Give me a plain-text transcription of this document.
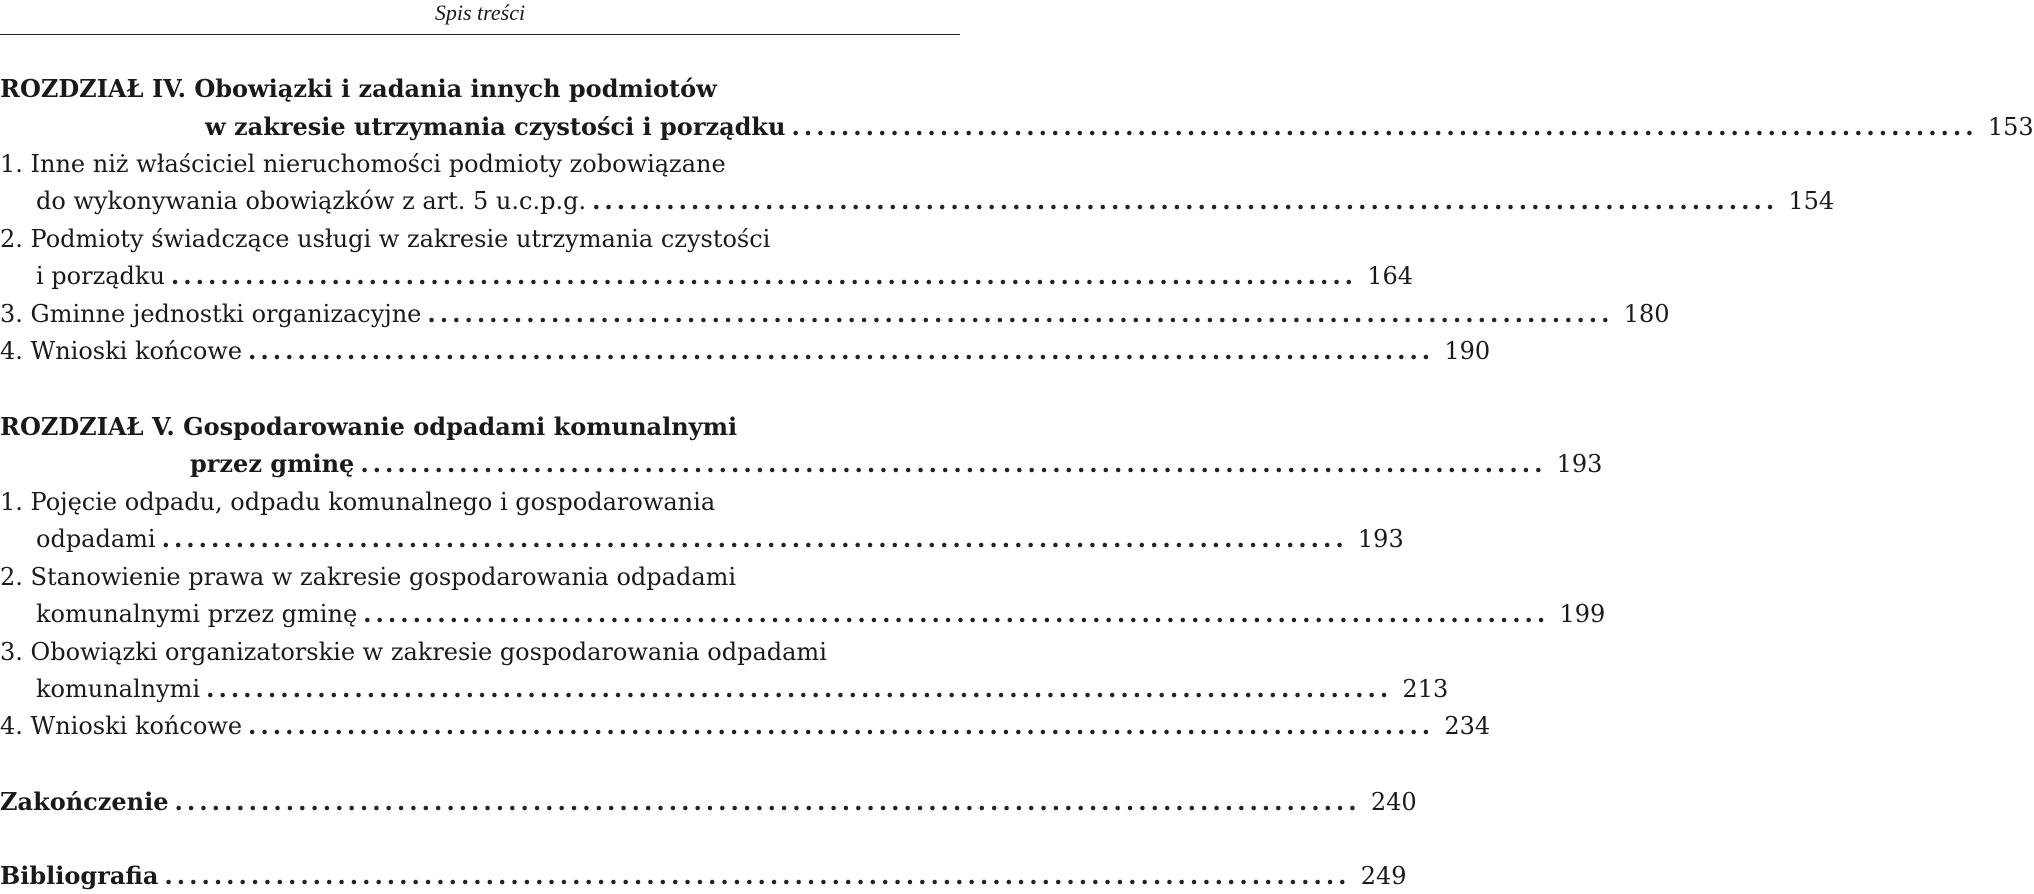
Spis treści
ROZDZIAŁ IV. Obowiązki i zadania innych podmiotów
w zakresie utrzymania czystości i porządku ................................................................................................ 153
1. Inne niż właściciel nieruchomości podmioty zobowiązane
do wykonywania obowiązków z art. 5 u.c.p.g. ................................................................................................ 154
2. Podmioty świadczące usługi w zakresie utrzymania czystości
i porządku ................................................................................................ 164
3. Gminne jednostki organizacyjne ................................................................................................ 180
4. Wnioski końcowe ................................................................................................ 190
ROZDZIAŁ V. Gospodarowanie odpadami komunalnymi
przez gminę ................................................................................................ 193
1. Pojęcie odpadu, odpadu komunalnego i gospodarowania
odpadami ................................................................................................ 193
2. Stanowienie prawa w zakresie gospodarowania odpadami
komunalnymi przez gminę ................................................................................................ 199
3. Obowiązki organizatorskie w zakresie gospodarowania odpadami
komunalnymi ................................................................................................ 213
4. Wnioski końcowe ................................................................................................ 234
Zakończenie ................................................................................................ 240
Bibliografia ................................................................................................ 249
